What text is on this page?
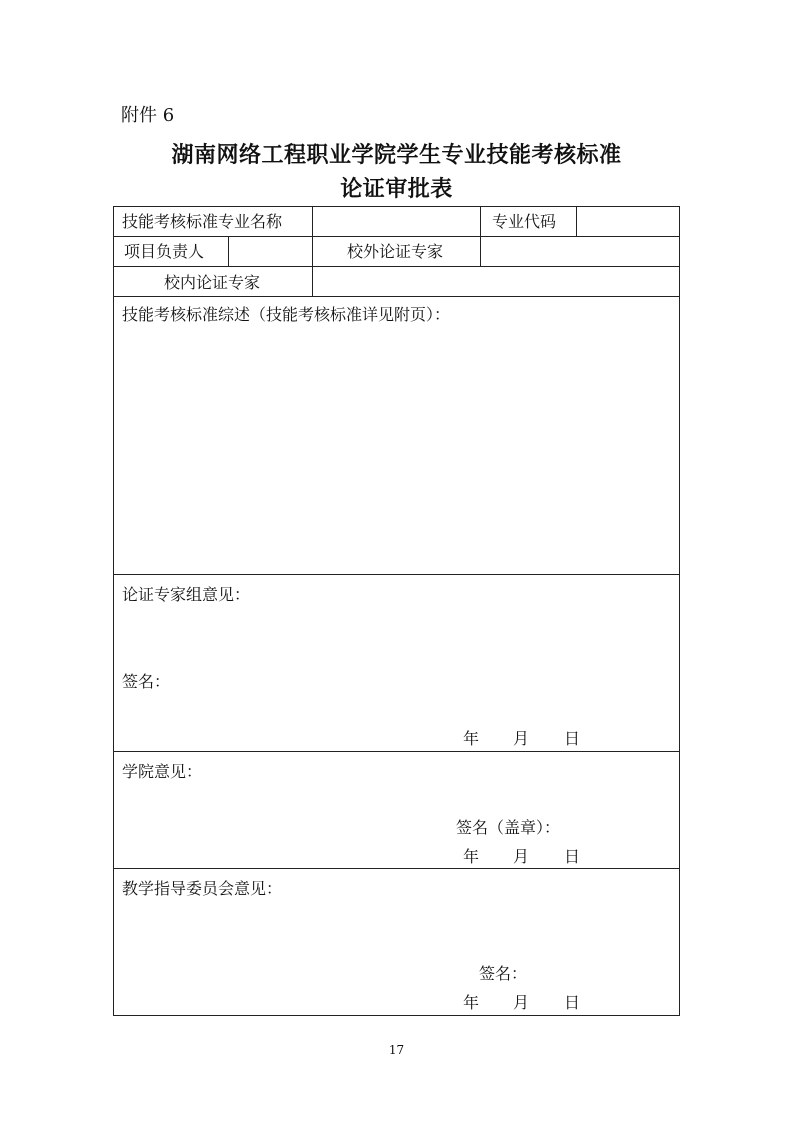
附件 6
湖南网络工程职业学院学生专业技能考核标准
论证审批表
技能考核标准专业名称	专业代码
项目负责人	校外论证专家
校内论证专家
技能考核标准综述（技能考核标准详见附页）：
论证专家组意见：
签名：
年 月 日
学院意见：
签名（盖章）：
年 月 日
教学指导委员会意见：
签名：
年 月 日
17
